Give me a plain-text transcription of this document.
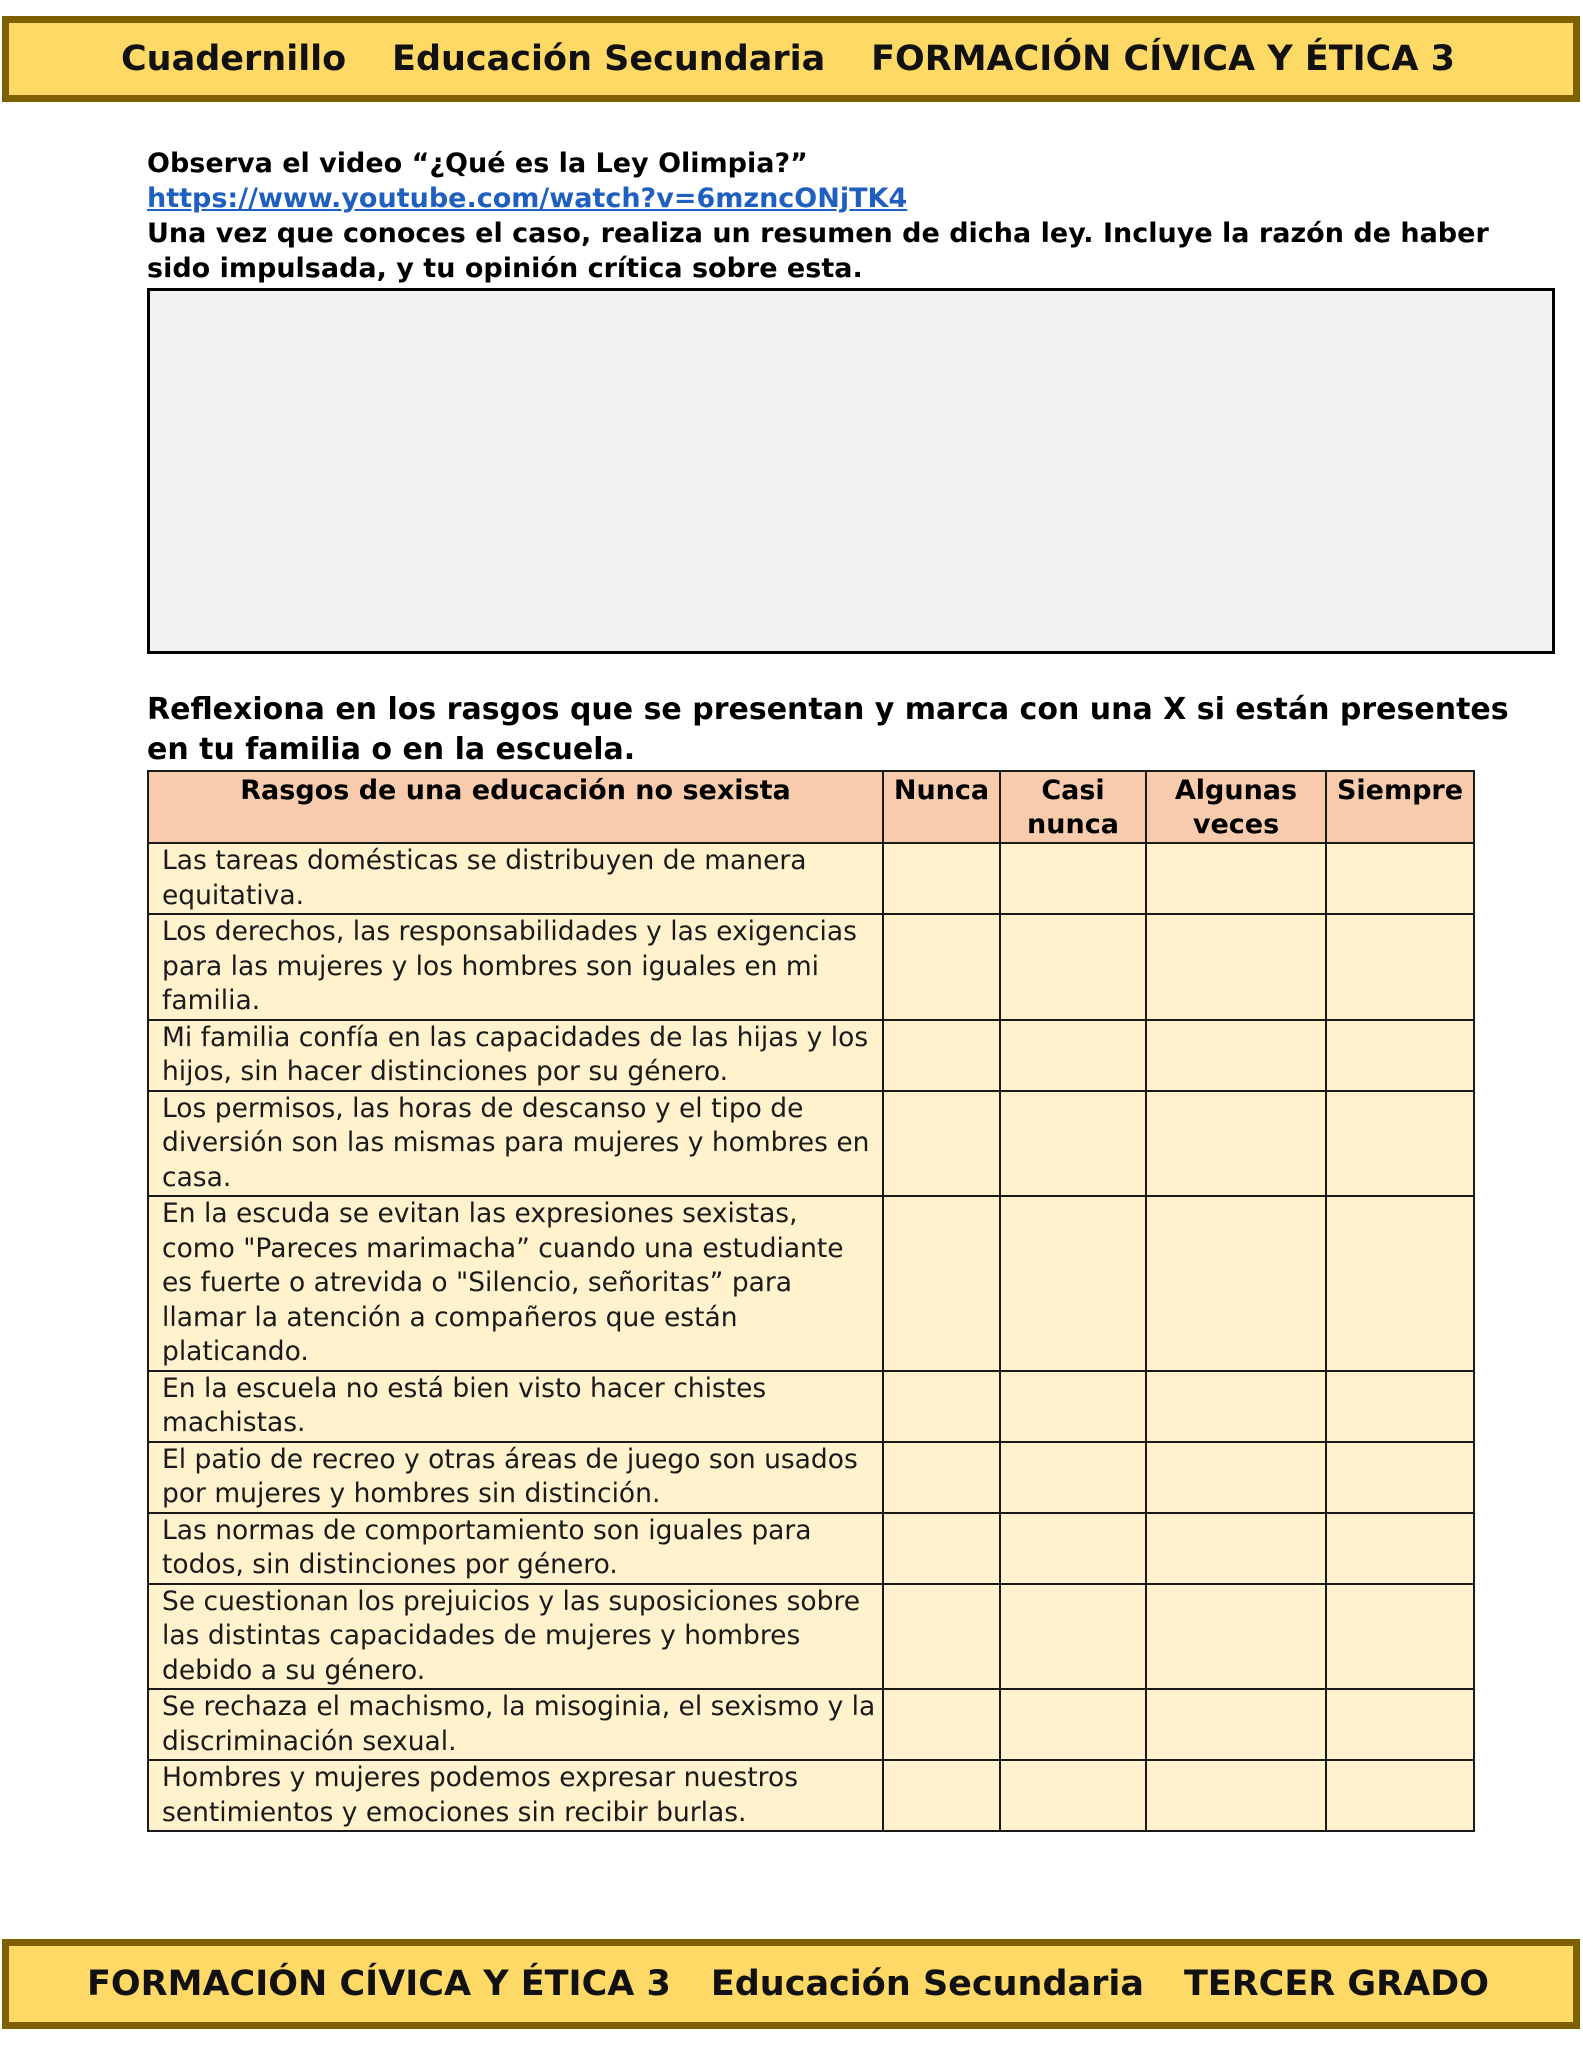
Cuadernillo Educación Secundaria FORMACIÓN CÍVICA Y ÉTICA 3
Observa el video “¿Qué es la Ley Olimpia?”
https://www.youtube.com/watch?v=6mzncONjTK4
Una vez que conoces el caso, realiza un resumen de dicha ley. Incluye la razón de haber sido impulsada, y tu opinión crítica sobre esta.
Reflexiona en los rasgos que se presentan y marca con una X si están presentes en tu familia o en la escuela.
Rasgos de una educación no sexista	Nunca	Casi nunca	Algunas veces	Siempre
Las tareas domésticas se distribuyen de manera equitativa.				
Los derechos, las responsabilidades y las exigencias para las mujeres y los hombres son iguales en mi familia.				
Mi familia confía en las capacidades de las hijas y los hijos, sin hacer distinciones por su género.				
Los permisos, las horas de descanso y el tipo de diversión son las mismas para mujeres y hombres en casa.				
En la escuda se evitan las expresiones sexistas, como "Pareces marimacha” cuando una estudiante es fuerte o atrevida o "Silencio, señoritas” para llamar la atención a compañeros que están platicando.				
En la escuela no está bien visto hacer chistes machistas.				
El patio de recreo y otras áreas de juego son usados por mujeres y hombres sin distinción.				
Las normas de comportamiento son iguales para todos, sin distinciones por género.				
Se cuestionan los prejuicios y las suposiciones sobre las distintas capacidades de mujeres y hombres debido a su género.				
Se rechaza el machismo, la misoginia, el sexismo y la discriminación sexual.				
Hombres y mujeres podemos expresar nuestros sentimientos y emociones sin recibir burlas.				
FORMACIÓN CÍVICA Y ÉTICA 3 Educación Secundaria TERCER GRADO
